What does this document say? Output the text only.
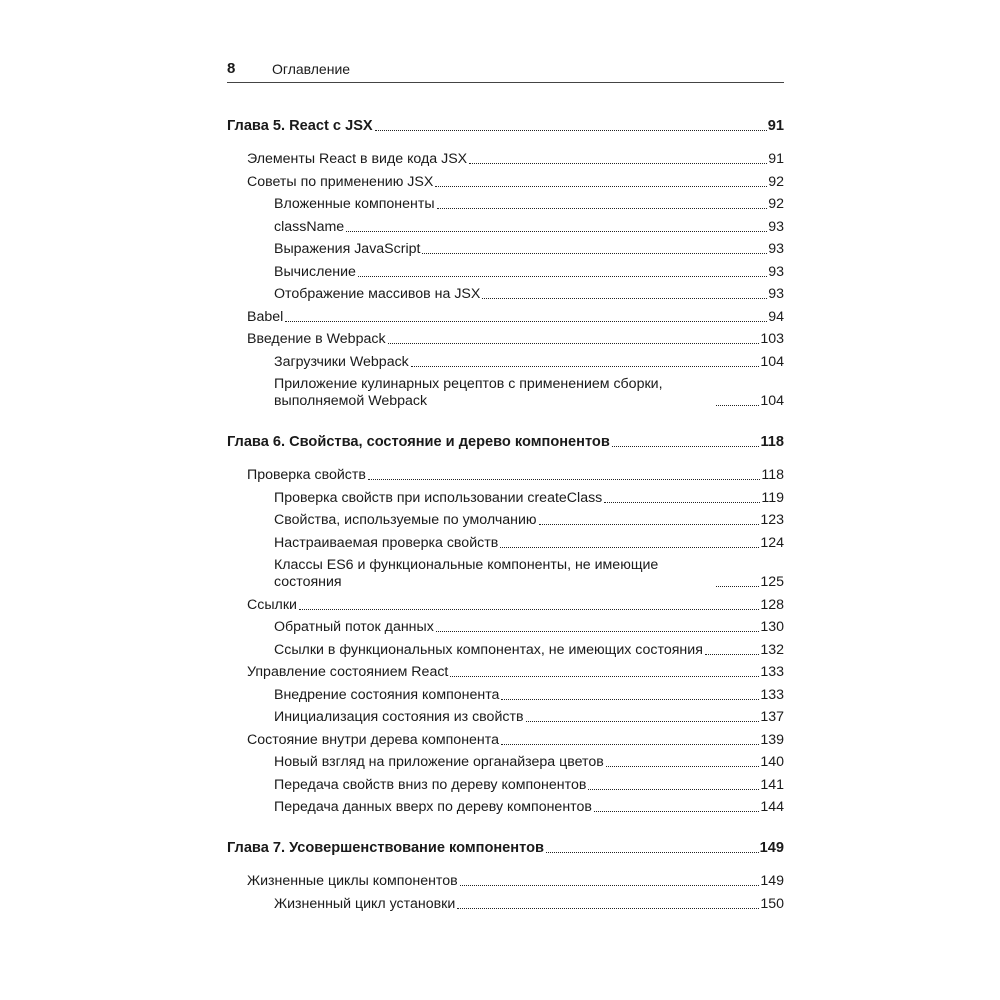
8	Оглавление
Глава 5. React с JSX	91
Элементы React в виде кода JSX	91
Советы по применению JSX	92
Вложенные компоненты	92
className	93
Выражения JavaScript	93
Вычисление	93
Отображение массивов на JSX	93
Babel	94
Введение в Webpack	103
Загрузчики Webpack	104
Приложение кулинарных рецептов с применением сборки, выполняемой Webpack	104
Глава 6. Свойства, состояние и дерево компонентов	118
Проверка свойств	118
Проверка свойств при использовании createClass	119
Свойства, используемые по умолчанию	123
Настраиваемая проверка свойств	124
Классы ES6 и функциональные компоненты, не имеющие состояния	125
Ссылки	128
Обратный поток данных	130
Ссылки в функциональных компонентах, не имеющих состояния	132
Управление состоянием React	133
Внедрение состояния компонента	133
Инициализация состояния из свойств	137
Состояние внутри дерева компонента	139
Новый взгляд на приложение органайзера цветов	140
Передача свойств вниз по дереву компонентов	141
Передача данных вверх по дереву компонентов	144
Глава 7. Усовершенствование компонентов	149
Жизненные циклы компонентов	149
Жизненный цикл установки	150
